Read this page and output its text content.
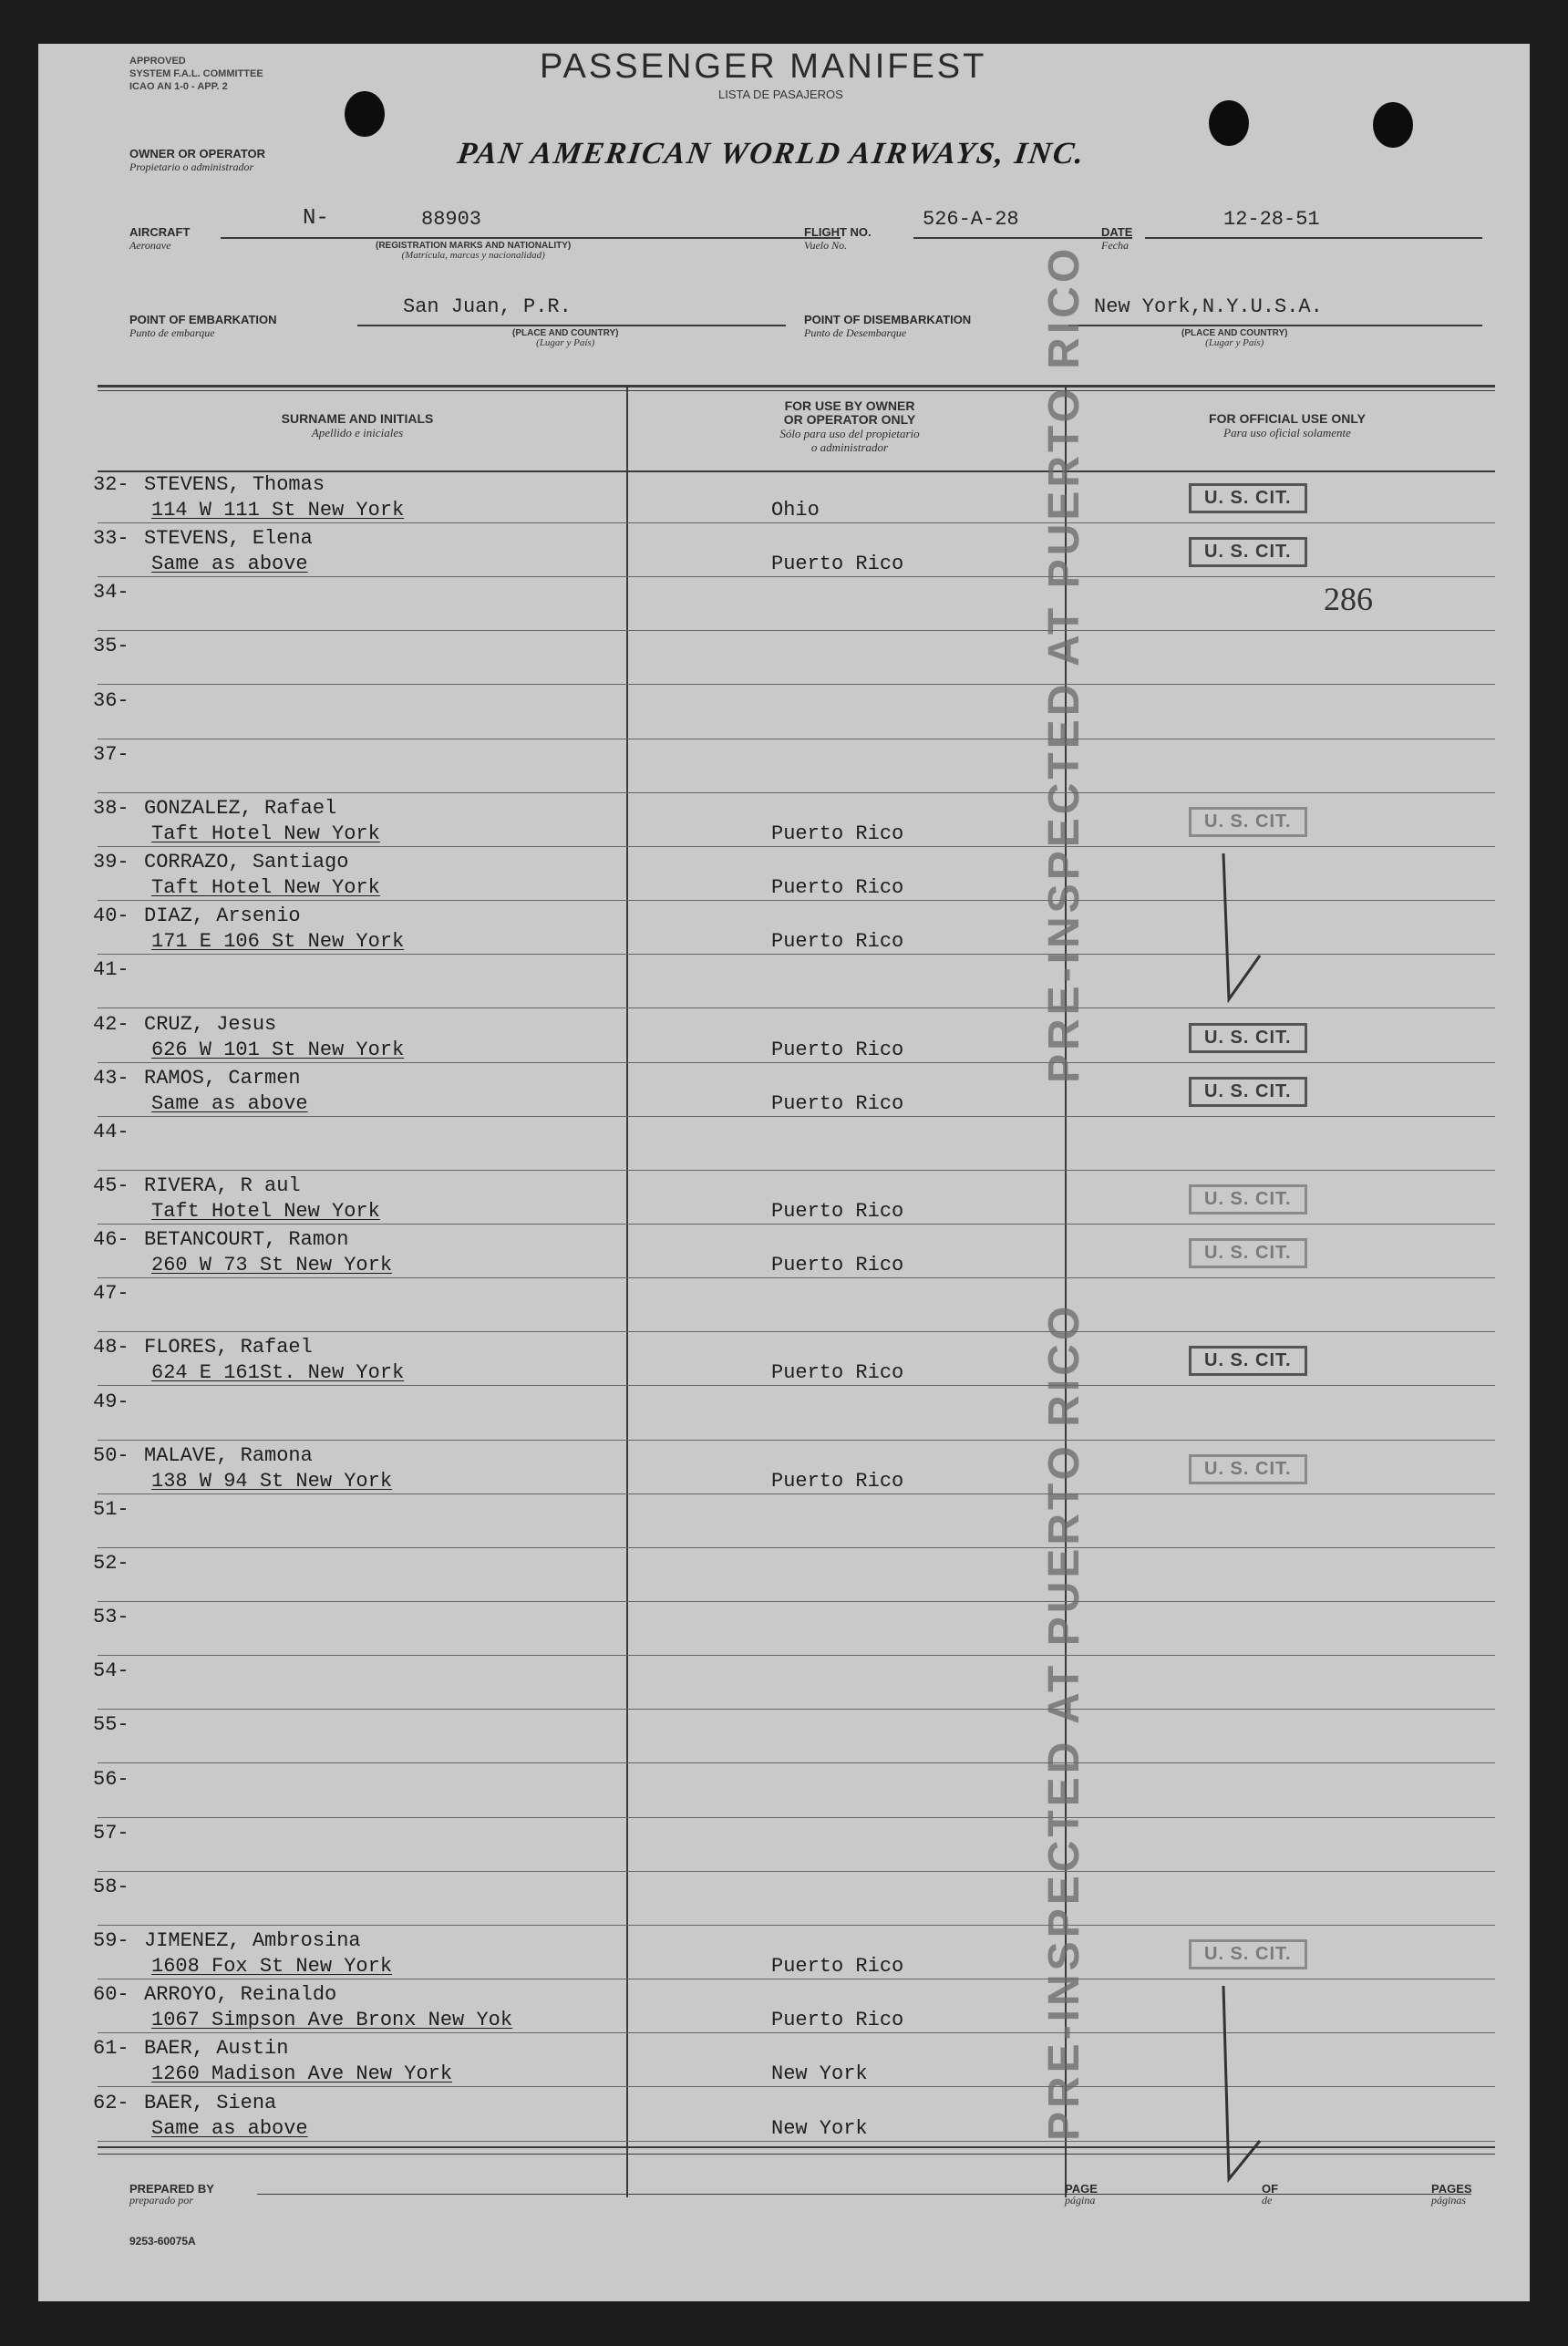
APPROVED
SYSTEM F.A.L. COMMITTEE
ICAO AN 1-0 - APP. 2
PASSENGER MANIFEST
LISTA DE PASAJEROS
OWNER OR OPERATOR
Propietario o administrador	PAN AMERICAN WORLD AIRWAYS, INC.
AIRCRAFT
Aeronave
N-	88903
(REGISTRATION MARKS AND NATIONALITY)
(Matrícula, marcas y nacionalidad)
FLIGHT NO.
Vuelo No.
526-A-28
DATE
Fecha
12-28-51
POINT OF EMBARKATION
Punto de embarque
San Juan, P.R.
(PLACE AND COUNTRY)
(Lugar y País)
POINT OF DISEMBARKATION
Punto de Desembarque
New York,N.Y.U.S.A.
(PLACE AND COUNTRY)
(Lugar y País)
SURNAME AND INITIALS
Apellido e iniciales
FOR USE BY OWNER
OR OPERATOR ONLY
Sólo para uso del propietario
o administrador
FOR OFFICIAL USE ONLY
Para uso oficial solamente
32- STEVENS, Thomas
114 W 111 St New York	Ohio
U. S. CIT.
33- STEVENS, Elena
Same as above	Puerto Rico
U. S. CIT.
34-
35-
36-
37-
38- GONZALEZ, Rafael
Taft Hotel New York	Puerto Rico
U. S. CIT.
39- CORRAZO, Santiago
Taft Hotel New York	Puerto Rico
40- DIAZ, Arsenio
171 E 106 St New York	Puerto Rico
41-
42- CRUZ, Jesus
626 W 101 St New York	Puerto Rico
U. S. CIT.
43- RAMOS, Carmen
Same as above	Puerto Rico
U. S. CIT.
44-
45- RIVERA, R aul
Taft Hotel New York	Puerto Rico
U. S. CIT.
46- BETANCOURT, Ramon
260 W 73 St New York	Puerto Rico
U. S. CIT.
47-
48- FLORES, Rafael
624 E 161St. New York	Puerto Rico
U. S. CIT.
49-
50- MALAVE, Ramona
138 W 94 St New York	Puerto Rico
U. S. CIT.
51-
52-
53-
54-
55-
56-
57-
58-
59- JIMENEZ, Ambrosina
1608 Fox St New York	Puerto Rico
U. S. CIT.
60- ARROYO, Reinaldo
1067 Simpson Ave Bronx New Yok	Puerto Rico
61- BAER, Austin
1260 Madison Ave New York	New York
62- BAER, Siena
Same as above	New York
286
PRE-INSPECTED AT PUERTO RICO
PRE-INSPECTED AT PUERTO RICO
PREPARED BY
preparado por
PAGE
página
OF
de
PAGES
páginas
9253-60075A
